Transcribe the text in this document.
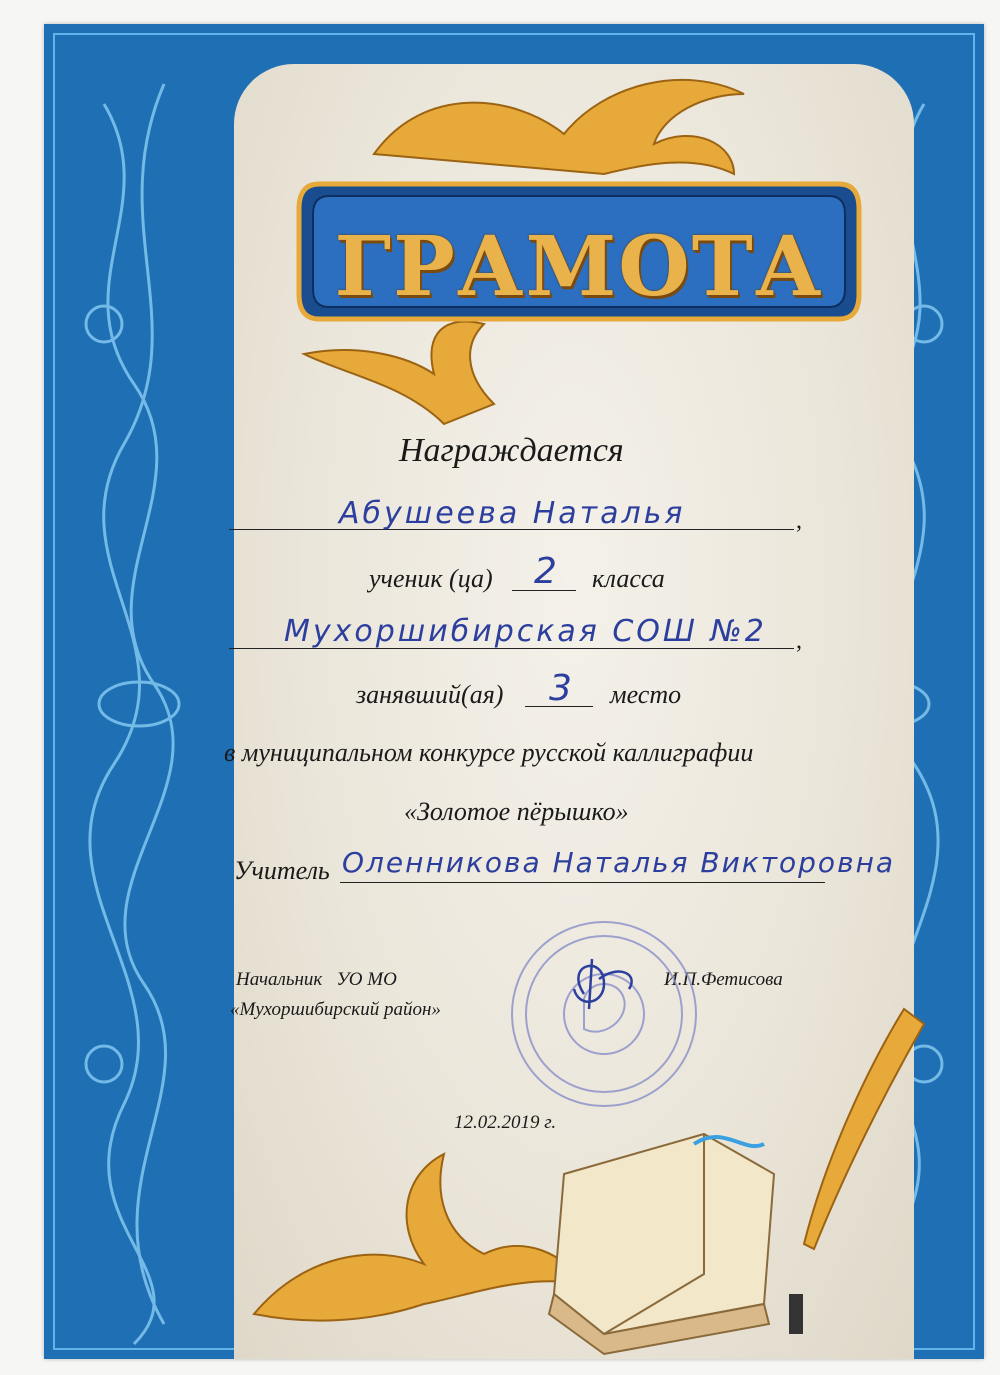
ГРАМОТА
Награждается
Абушеева Наталья	,
ученик (ца) 2 класса
Мухоршибирская СОШ №2 ,
занявший(ая) 3 место
в муниципальном конкурсе русской каллиграфии
«Золотое пёрышко»
Учитель Оленникова Наталья Викторовна
Начальник   УО МО
«Мухоршибирский район»
И.П.Фетисова
12.02.2019 г.
